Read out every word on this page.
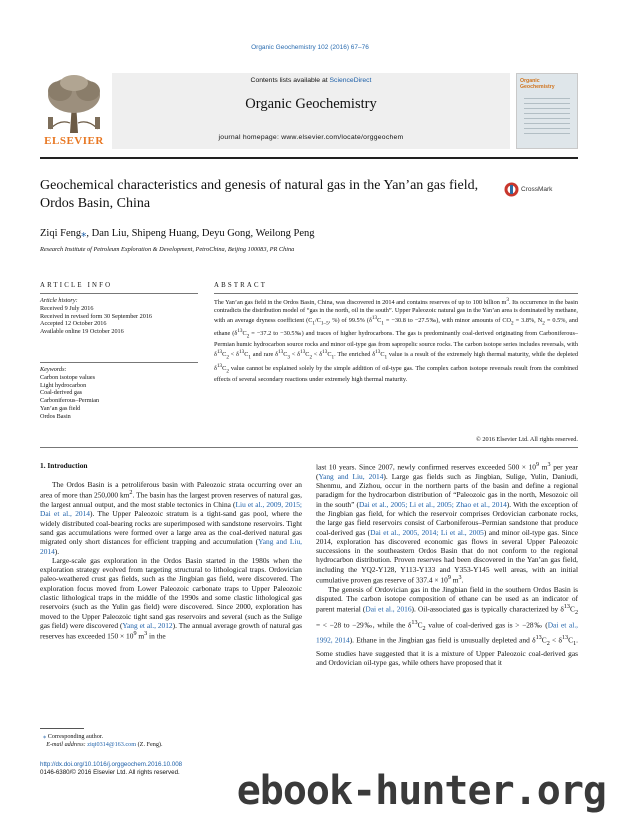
Organic Geochemistry 102 (2016) 67–76
ELSEVIER
Contents lists available at ScienceDirect
Organic Geochemistry
journal homepage: www.elsevier.com/locate/orggeochem
Organic Geochemistry
Geochemical characteristics and genesis of natural gas in the Yan’an gas field, Ordos Basin, China
CrossMark
Ziqi Feng⁎, Dan Liu, Shipeng Huang, Deyu Gong, Weilong Peng
Research Institute of Petroleum Exploration & Development, PetroChina, Beijing 100083, PR China
ARTICLE INFO
Article history:
Received 9 July 2016
Received in revised form 30 September 2016
Accepted 12 October 2016
Available online 19 October 2016
Keywords:
Carbon isotope values
Light hydrocarbon
Coal-derived gas
Carboniferous–Permian
Yan’an gas field
Ordos Basin
ABSTRACT
The Yan’an gas field in the Ordos Basin, China, was discovered in 2014 and contains reserves of up to 100 billion $m^3$. Its occurrence in the basin contradicts the distribution model of “gas in the north, oil in the south”. Upper Paleozoic natural gas in the Yan’an area is dominated by methane, with an average dryness coefficient ($C_1/C_{1-5}$, %) of 99.5% ($\delta^{13}C_1 = -30.8$ to −27.5‰), with minor amounts of $CO_2 = 3.8\%$, $N_2 = 0.5\%$, and ethane ($\delta^{13}C_2 = -37.2$ to −30.5‰) and traces of higher hydrocarbons. The gas is predominantly coal-derived originating from Carboniferous–Permian humic hydrocarbon source rocks and minor oil-type gas from sapropelic source rocks. The carbon isotope series includes reversals, with $\delta^{13}C_2 < \delta^{13}C_1$ and rare $\delta^{13}C_3 < \delta^{13}C_2 < \delta^{13}C_1$. The enriched $\delta^{13}C_1$ value is a result of the extremely high thermal maturity, while the depleted $\delta^{13}C_2$ value cannot be explained solely by the simple addition of oil-type gas. The complex carbon isotope reversals result from the combined effects of several secondary reactions under extremely high thermal maturity.
© 2016 Elsevier Ltd. All rights reserved.
1. Introduction

The Ordos Basin is a petroliferous basin with Paleozoic strata occurring over an area of more than 250,000 $km^2$. The basin has the largest proven reserves of natural gas, the largest annual output, and the most stable tectonics in China (Liu et al., 2009, 2015; Dai et al., 2014). The Upper Paleozoic stratum is a tight-sand gas pool, where the widely distributed coal-bearing rocks are superimposed with sandstone reservoirs. Tight sand gas accumulations were formed over a large area as the coal-derived natural gas migrated only short distances for efficient trapping and accumulation (Yang and Liu, 2014).

Large-scale gas exploration in the Ordos Basin started in the 1980s when the exploration strategy evolved from targeting structural to lithological traps. Ordovician paleo-weathered crust gas fields, such as the Jingbian gas field, were discovered. The exploration focus moved from Lower Paleozoic carbonate traps to Upper Paleozoic clastic lithological traps in the middle of the 1990s and some clastic lithological gas reservoirs (such as the Yulin gas field) were discovered. Since 2000, exploration has moved to the Upper Paleozoic tight sand gas reservoirs and several (such as the Sulige gas field) were discovered (Yang et al., 2012). The annual average growth of natural gas reserves has exceeded $150 \times 10^9$ $m^3$ in the

last 10 years. Since 2007, newly confirmed reserves exceeded $500 \times 10^9$ $m^3$ per year (Yang and Liu, 2014). Large gas fields such as Jingbian, Sulige, Yulin, Daniudi, Shenmu, and Zizhou, occur in the northern parts of the basin and define a regional paradigm for the hydrocarbon distribution of “Paleozoic gas in the north, Mesozoic oil in the south” (Dai et al., 2005; Li et al., 2005; Zhao et al., 2014). With the exception of the Jingbian gas field, for which the reservoir comprises Ordovician carbonate rocks, the large gas field reservoirs consist of Carboniferous–Permian sandstone that produce coal-derived gas (Dai et al., 2005, 2014; Li et al., 2005) and minor oil-type gas. Since 2014, exploration has discovered economic gas flows in several Upper Paleozoic successions in the southeastern Ordos Basin that do not conform to the regional hydrocarbon distribution. Proven reserves had been discovered in the Yan’an gas field, including the YQ2-Y128, Y113-Y133 and Y353-Y145 well areas, with an initial cumulative proven gas reserve of $337.4 \times 10^9$ $m^3$.

The genesis of Ordovician gas in the Jingbian field in the southern Ordos Basin is disputed. The carbon isotope composition of ethane can be used as an indicator of parent material (Dai et al., 2016). Oil-associated gas is typically characterized by $\delta^{13}C_2$ = < −28 to −29‰, while the $\delta^{13}C_2$ value of coal-derived gas is > −28‰ (Dai et al., 1992, 2014). Ethane in the Jingbian gas field is unusually depleted and $\delta^{13}C_2 < \delta^{13}C_1$. Some studies have suggested that it is a mixture of Upper Paleozoic coal-derived gas and Ordovician oil-type gas, while others have proposed that it

⁎ Corresponding author.
E-mail address: ziqi0314@163.com (Z. Feng).
http://dx.doi.org/10.1016/j.orggeochem.2016.10.008
0146-6380/© 2016 Elsevier Ltd. All rights reserved.	ebook-hunter.org
